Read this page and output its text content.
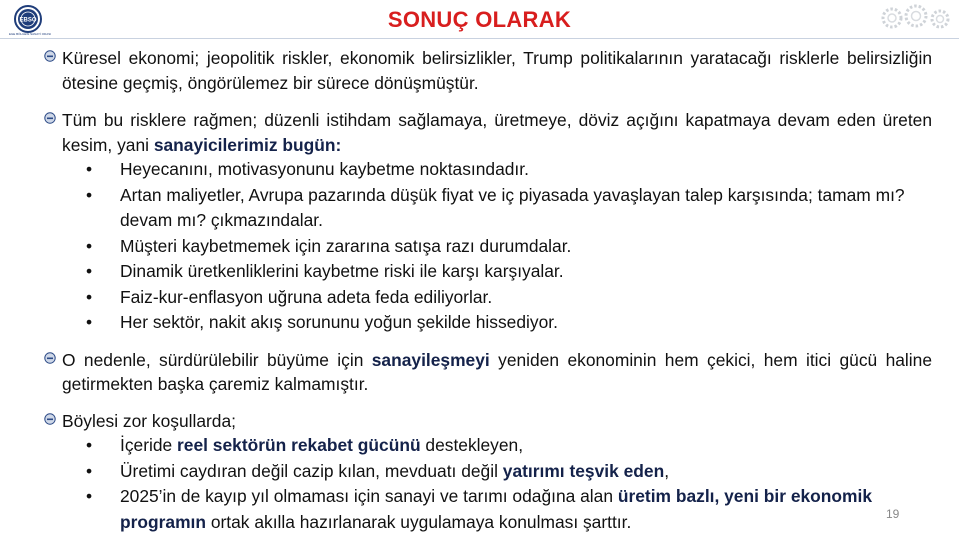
EBSO
EGE BÖLGESİ SANAYİ ODASI
SONUÇ OLARAK
Küresel ekonomi; jeopolitik riskler, ekonomik belirsizlikler, Trump politikalarının yaratacağı risklerle belirsizliğin ötesine geçmiş, öngörülemez bir sürece dönüşmüştür.
Tüm bu risklere rağmen; düzenli istihdam sağlamaya, üretmeye, döviz açığını kapatmaya devam eden üreten kesim, yani sanayicilerimiz bugün:
• Heyecanını, motivasyonunu kaybetme noktasındadır.
• Artan maliyetler, Avrupa pazarında düşük fiyat ve iç piyasada yavaşlayan talep karşısında; tamam mı? devam mı? çıkmazındalar.
• Müşteri kaybetmemek için zararına satışa razı durumdalar.
• Dinamik üretkenliklerini kaybetme riski ile karşı karşıyalar.
• Faiz-kur-enflasyon uğruna adeta feda ediliyorlar.
• Her sektör, nakit akış sorununu yoğun şekilde hissediyor.
O nedenle, sürdürülebilir büyüme için sanayileşmeyi yeniden ekonominin hem çekici, hem itici gücü haline getirmekten başka çaremiz kalmamıştır.
Böylesi zor koşullarda;
• İçeride reel sektörün rekabet gücünü destekleyen,
• Üretimi caydıran değil cazip kılan, mevduatı değil yatırımı teşvik eden,
• 2025’in de kayıp yıl olmaması için sanayi ve tarımı odağına alan üretim bazlı, yeni bir ekonomik programın ortak akılla hazırlanarak uygulamaya konulması şarttır.	19
